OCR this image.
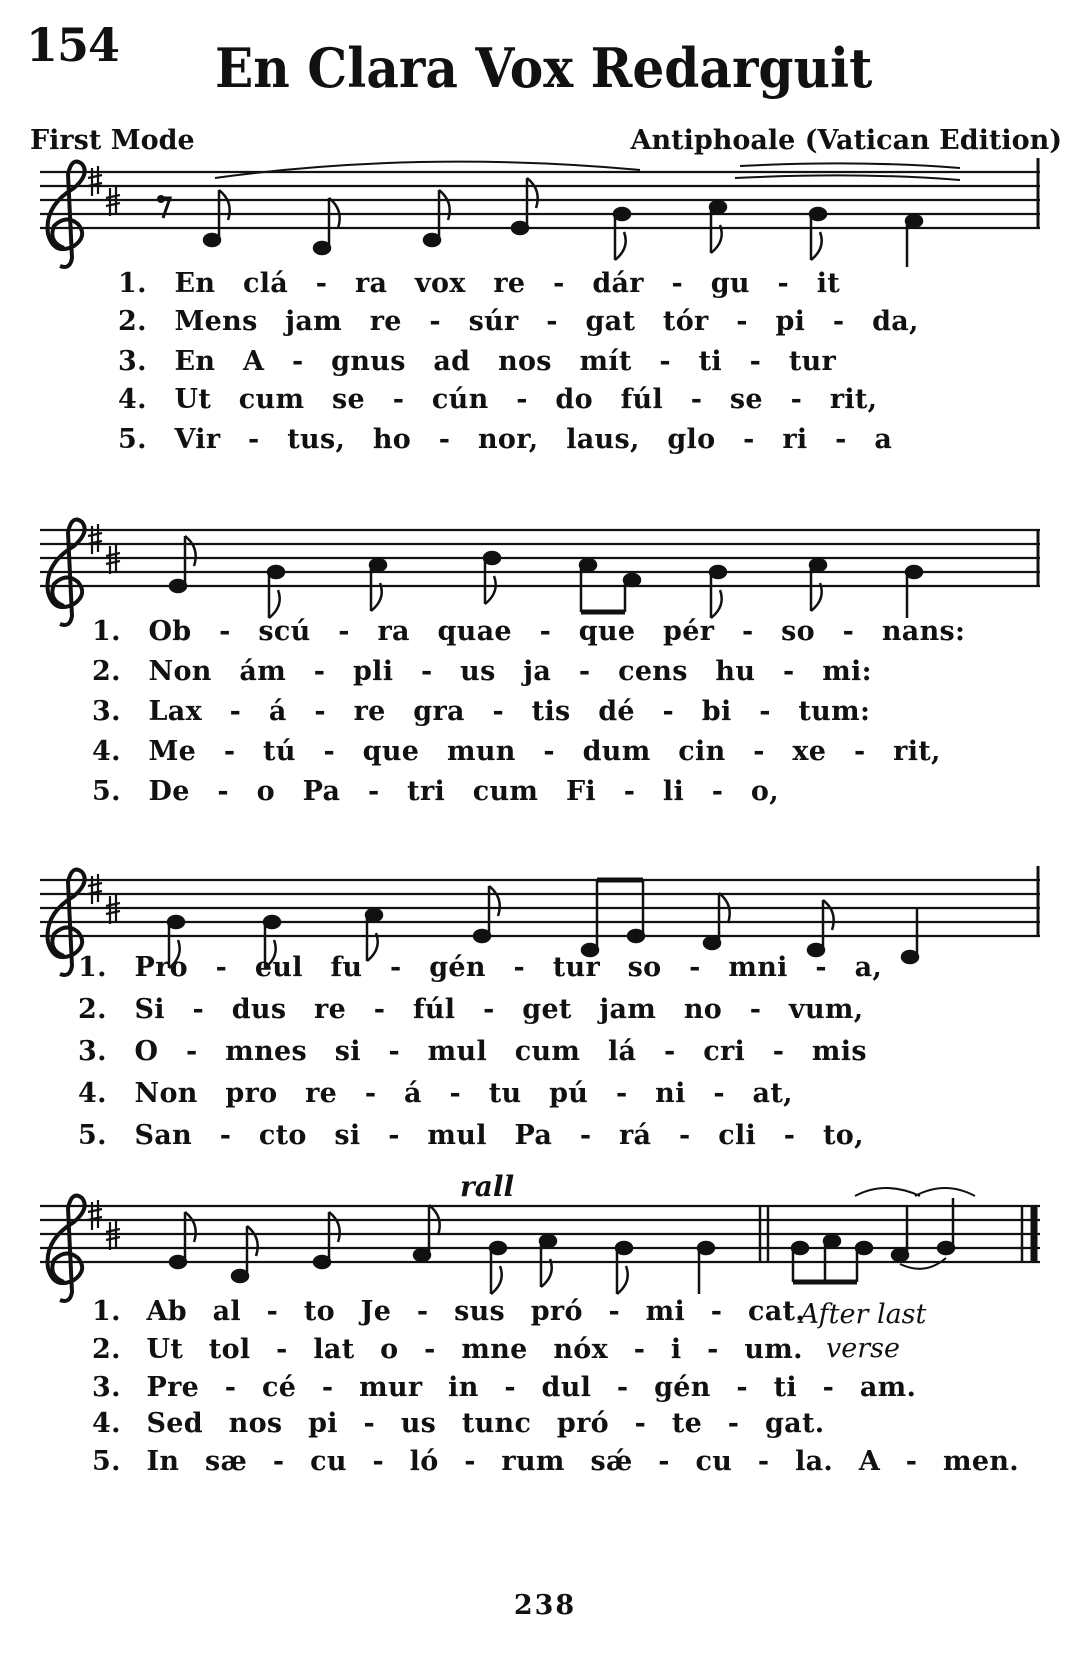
154 En Clara Vox Redarguit
First Mode	Antiphoale (Vatican Edition)
1. En clá - ra vox re - dár - gu - it
2. Mens jam re - súr - gat tór - pi - da,
3. En A - gnus ad nos mít - ti - tur
4. Ut cum se - cún - do fúl - se - rit,
5. Vir - tus, ho - nor, laus, glo - ri - a
1. Ob - scú - ra quae - que pér - so - nans:
2. Non ám - pli - us ja - cens hu - mi:
3. Lax - á - re gra - tis dé - bi - tum:
4. Me - tú - que mun - dum cin - xe - rit,
5. De - o Pa - tri cum Fi - li - o,
1. Pro - eul fu - gén - tur so - mni - a,
2. Si - dus re - fúl - get jam no - vum,
3. O - mnes si - mul cum lá - cri - mis
4. Non pro re - á - tu pú - ni - at,
5. San - cto si - mul Pa - rá - cli - to,
rall
1. Ab al - to Je - sus pró - mi - cat.
2. Ut tol - lat o - mne nóx - i - um.
3. Pre - cé - mur in - dul - gén - ti - am.
4. Sed nos pi - us tunc pró - te - gat.
5. In sæ - cu - ló - rum sǽ - cu - la. A - men.
After last
verse
238
